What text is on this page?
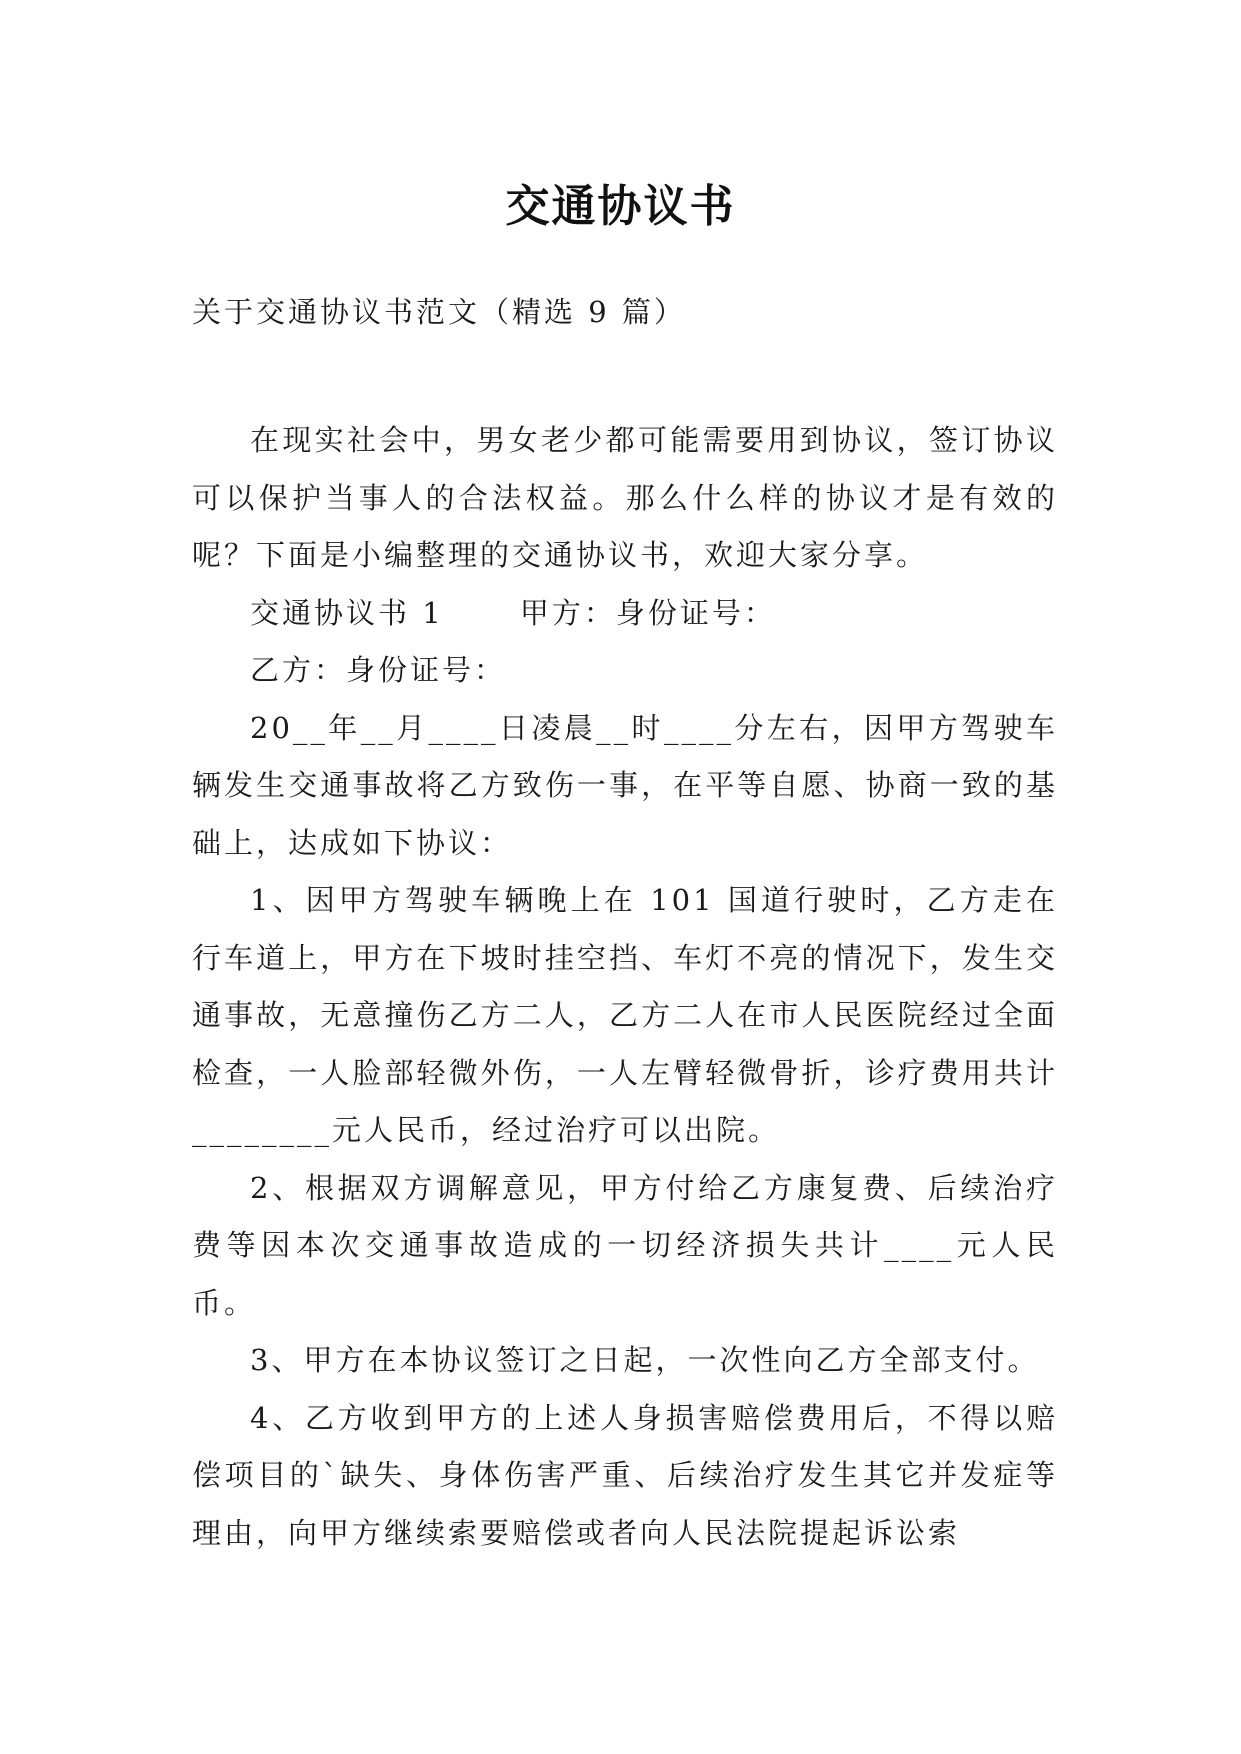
交通协议书
关于交通协议书范文（精选 9 篇）

在现实社会中，男女老少都可能需要用到协议，签订协议可以保护当事人的合法权益。那么什么样的协议才是有效的呢？下面是小编整理的交通协议书，欢迎大家分享。

交通协议书 1　　 甲方：身份证号：

乙方：身份证号：

20__年__月____日凌晨__时____分左右，因甲方驾驶车辆发生交通事故将乙方致伤一事，在平等自愿、协商一致的基础上，达成如下协议：

1、因甲方驾驶车辆晚上在 101 国道行驶时，乙方走在行车道上，甲方在下坡时挂空挡、车灯不亮的情况下，发生交通事故，无意撞伤乙方二人，乙方二人在市人民医院经过全面检查，一人脸部轻微外伤，一人左臂轻微骨折，诊疗费用共计________元人民币，经过治疗可以出院。

2、根据双方调解意见，甲方付给乙方康复费、后续治疗费等因本次交通事故造成的一切经济损失共计____元人民币。

3、甲方在本协议签订之日起，一次性向乙方全部支付。

4、乙方收到甲方的上述人身损害赔偿费用后，不得以赔偿项目的`缺失、身体伤害严重、后续治疗发生其它并发症等理由，向甲方继续索要赔偿或者向人民法院提起诉讼索
